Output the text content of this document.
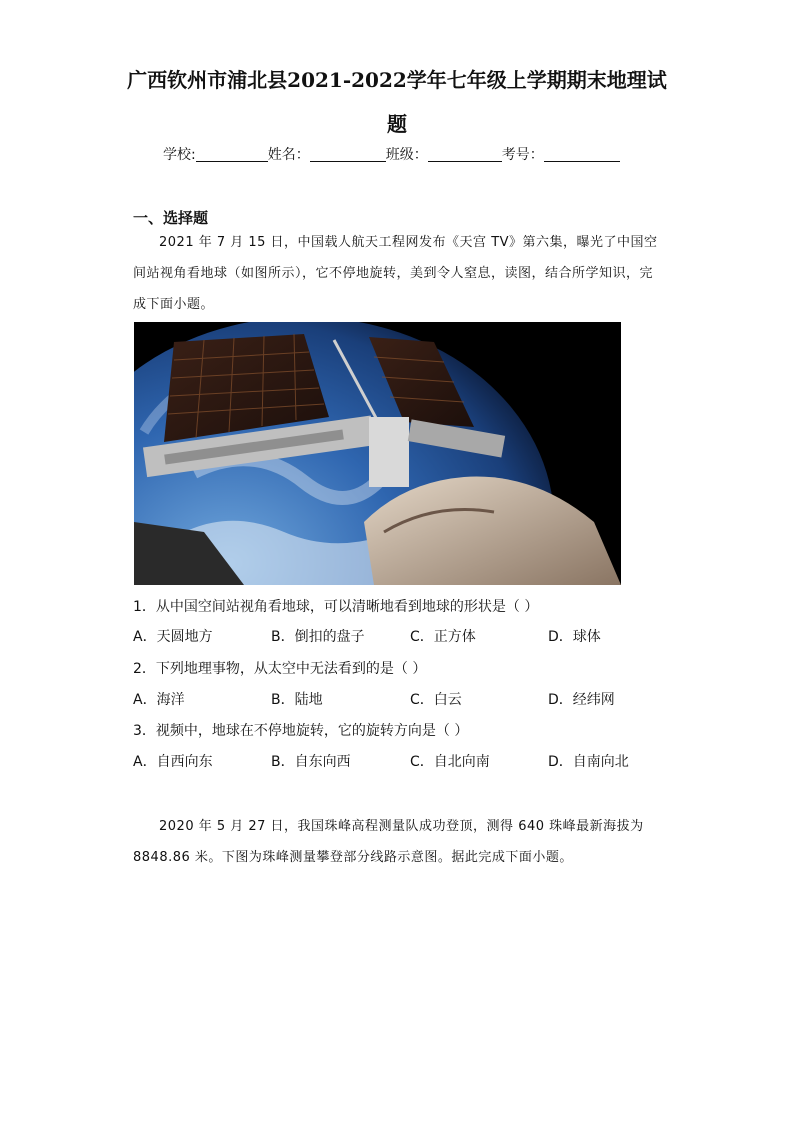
广西钦州市浦北县2021-2022学年七年级上学期期末地理试
题
学校:	姓名：	班级：	考号：
一、选择题
2021 年 7 月 15 日，中国载人航天工程网发布《天宫 TV》第六集，曝光了中国空间站视角看地球（如图所示），它不停地旋转，美到令人窒息，读图，结合所学知识，完成下面小题。
1．从中国空间站视角看地球，可以清晰地看到地球的形状是（ ）
A．天圆地方	B．倒扣的盘子	C．正方体	D．球体
2．下列地理事物，从太空中无法看到的是（ ）
A．海洋	B．陆地	C．白云	D．经纬网
3．视频中，地球在不停地旋转，它的旋转方向是（ ）
A．自西向东	B．自东向西	C．自北向南	D．自南向北
2020 年 5 月 27 日，我国珠峰高程测量队成功登顶，测得 640 珠峰最新海拔为 8848.86 米。下图为珠峰测量攀登部分线路示意图。据此完成下面小题。
